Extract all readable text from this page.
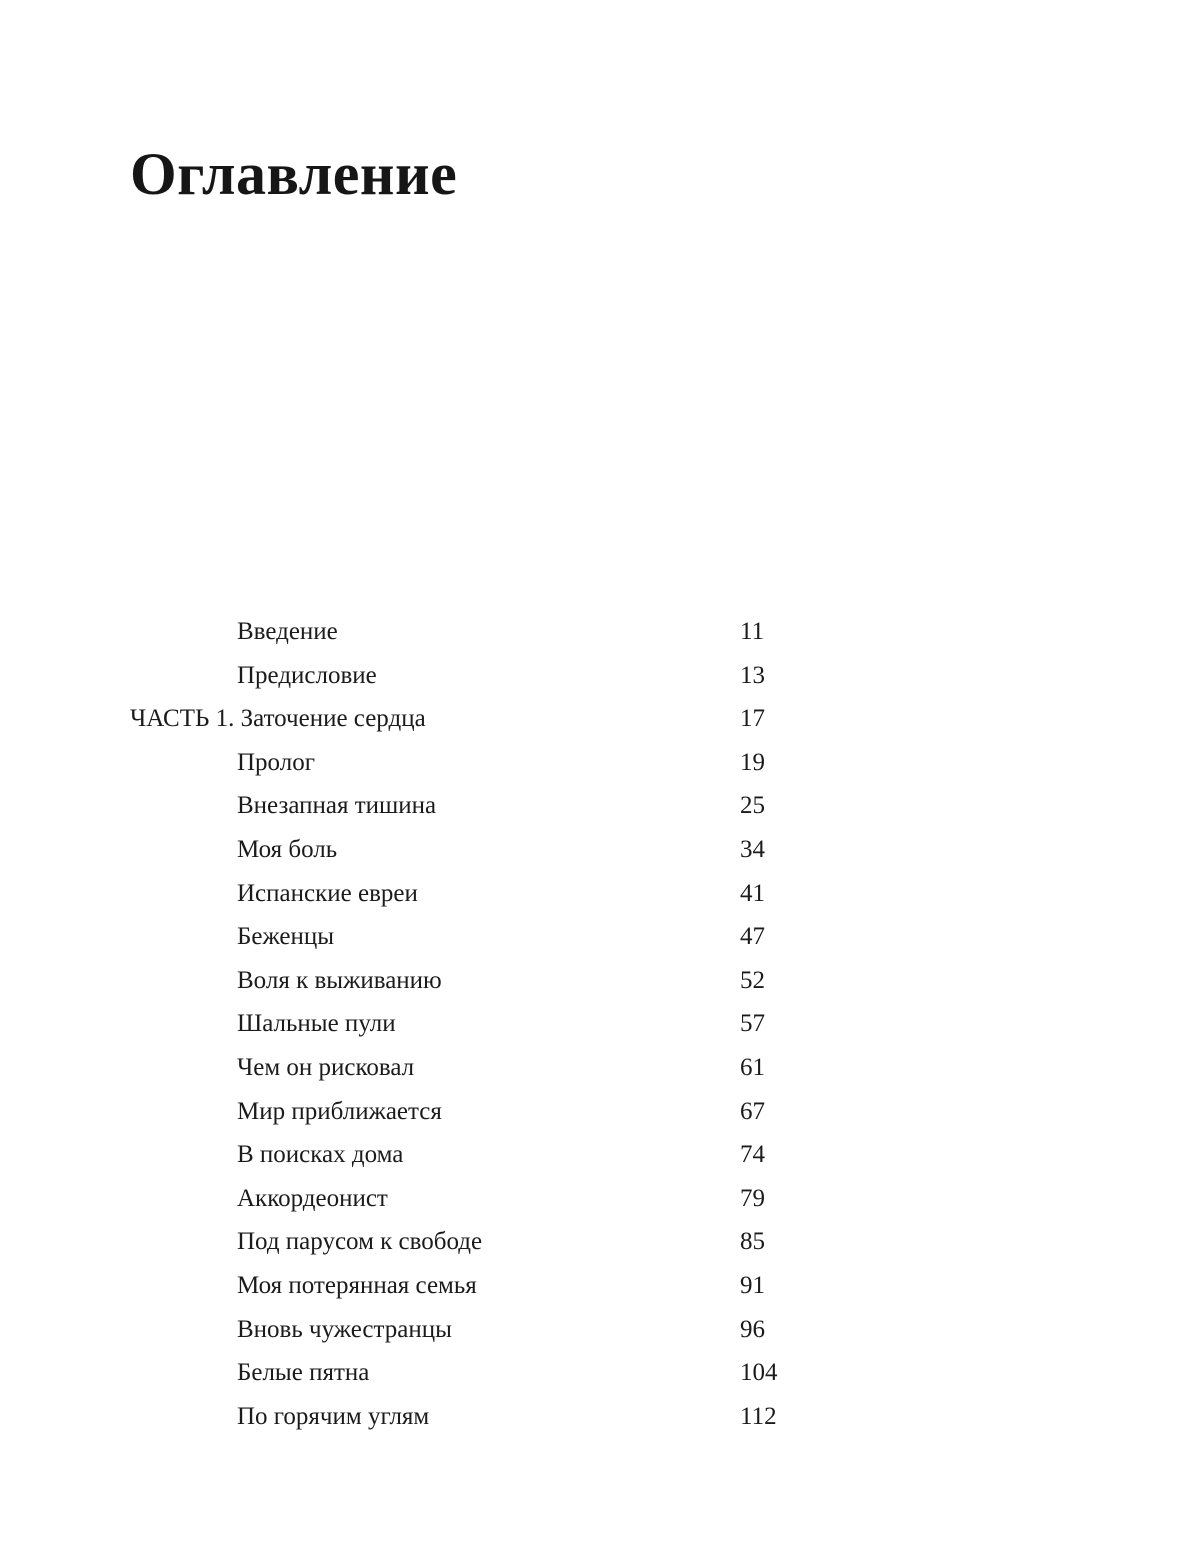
Оглавление
Введение	11
Предисловие	13
ЧАСТЬ 1. Заточение сердца	17
Пролог	19
Внезапная тишина	25
Моя боль	34
Испанские евреи	41
Беженцы	47
Воля к выживанию	52
Шальные пули	57
Чем он рисковал	61
Мир приближается	67
В поисках дома	74
Аккордеонист	79
Под парусом к свободе	85
Моя потерянная семья	91
Вновь чужестранцы	96
Белые пятна	104
По горячим углям	112
